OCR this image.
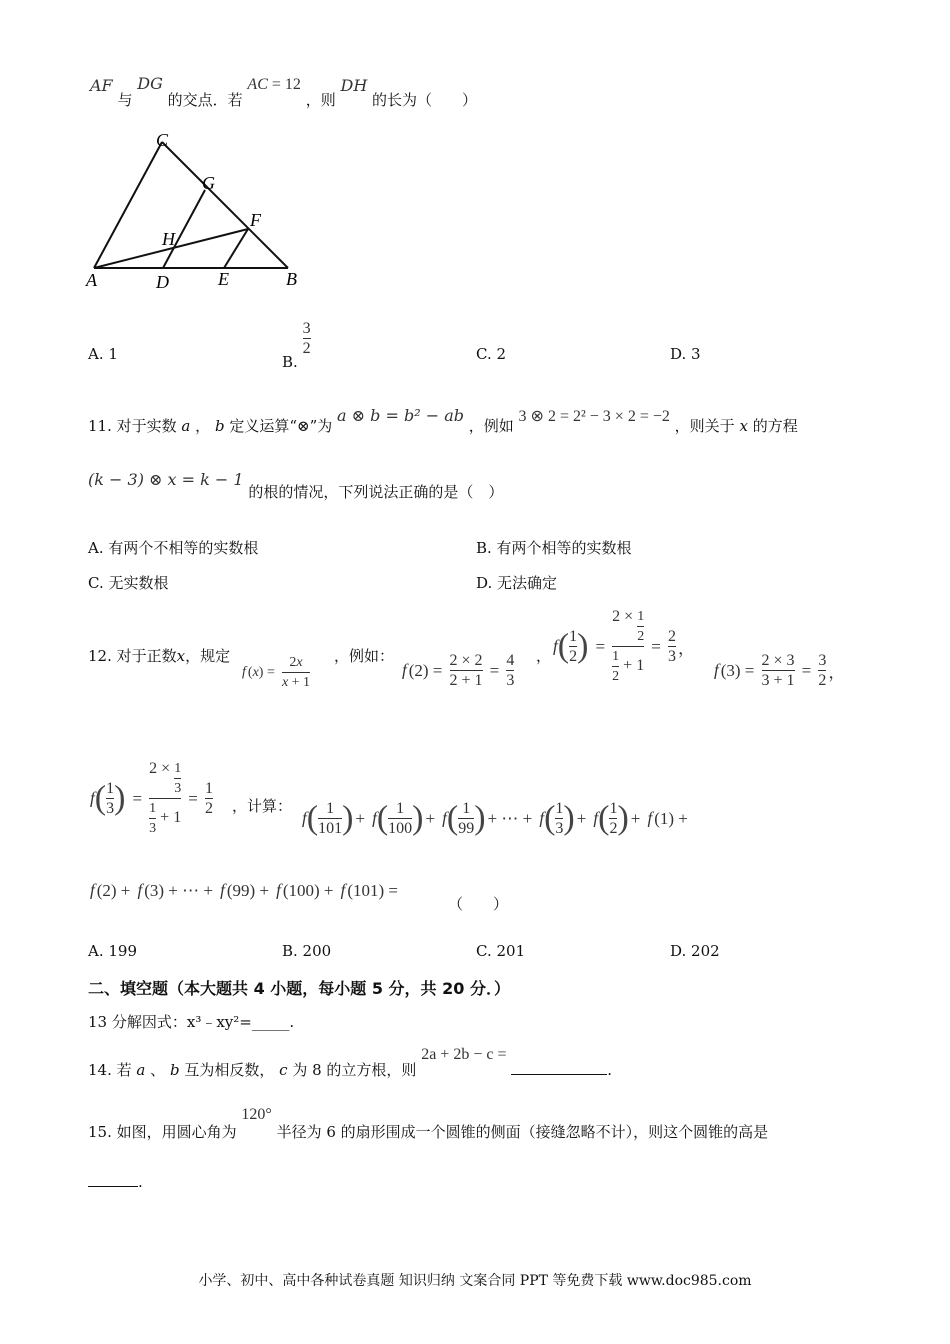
AF 与 DG 的交点．若 AC = 12 ，则 DH 的长为（　　）
C
G
F
H
A	D	E	B
A. 1	B.
$\frac{3}{2}$	C. 2	D. 3
11. 对于实数 a ， b 定义运算“⊗”为 a ⊗ b = b² − ab ，例如 3 ⊗ 2 = 2² − 3 × 2 = −2 ，则关于 x 的方程
(k − 3) ⊗ x = k − 1 的根的情况，下列说法正确的是（　）
A. 有两个不相等的实数根	B. 有两个相等的实数根
C. 无实数根	D. 无法确定
12. 对于正数x，规定
f $(x) = \frac{2x}{x + 1}$ ，例如：
f $(2) = \frac{2 \times 2}{2 + 1} = \frac{4}{3}$ ，
$f( \frac{1}{2}$ ) = $\frac{2 \times \frac{1}{2}}{\frac{1}{2} + 1} = \frac{2}{3}$ ，
f $(3) = \frac{2 \times 3}{3 + 1} = \frac{3}{2}$ ，
$f( \frac{1}{3}$ ) = $\frac{2 \times \frac{1}{3}}{\frac{1}{3} + 1} = \frac{1}{2}$ ，计算：
$f( \frac{1}{101}$ ) + $f( \frac{1}{100}$ ) + $f( \frac{1}{99}$ ) + ⋯ + $f( \frac{1}{3}$ ) + $f( \frac{1}{2}$ ) + f (1) +
f (2) + f (3) + ⋯ + f (99) + f (100) + f (101) =
（　　）
A. 199	B. 200	C. 201	D. 202
二、填空题（本大题共 4 小题，每小题 5 分，共 20 分．）
13 分解因式：x³﹣xy²=_____.
14. 若 a 、 b 互为相反数， c 为 8 的立方根，则 2a + 2b − c = .
15. 如图，用圆心角为 120° 半径为 6 的扇形围成一个圆锥的侧面（接缝忽略不计），则这个圆锥的高是
.
小学、初中、高中各种试卷真题 知识归纳 文案合同 PPT 等免费下载 www.doc985.com
